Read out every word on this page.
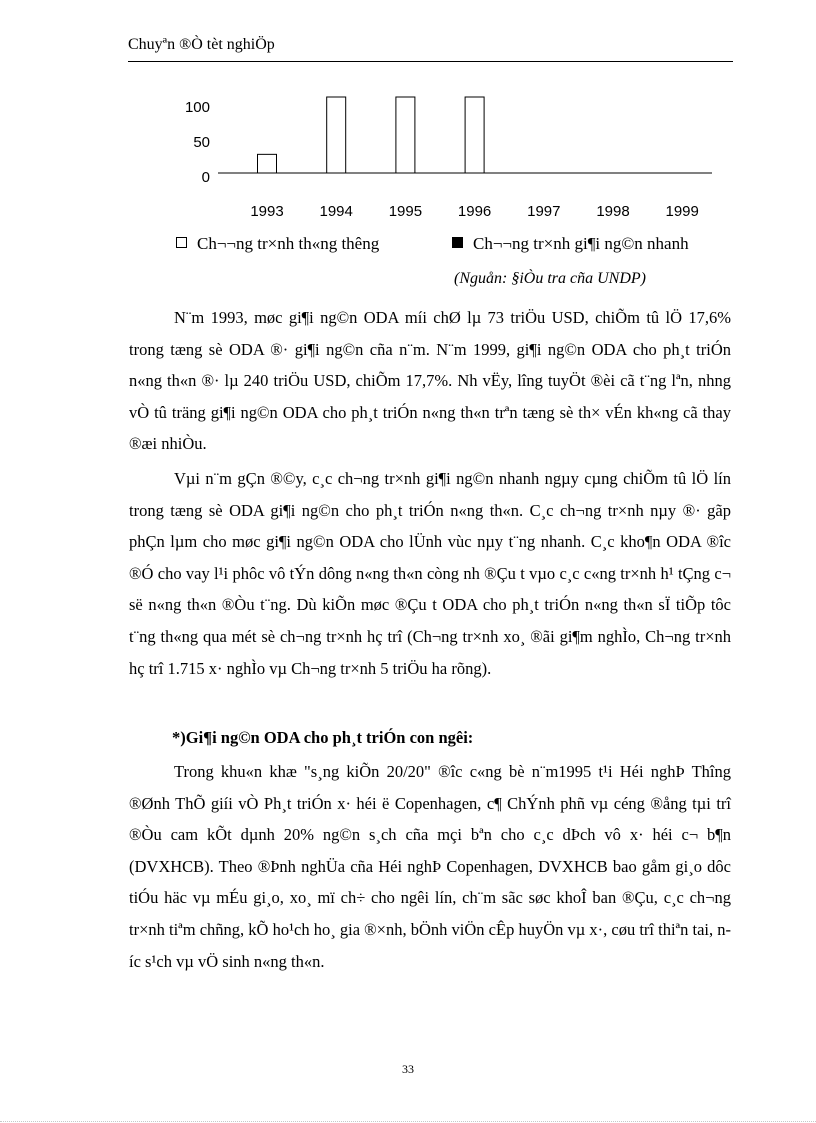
Chuyªn ®Ò tèt nghiÖp
100
50
0
1993 1994 1995 1996 1997 1998 1999
Ch¬¬ng tr×nh th«ng thêng	Ch¬¬ng tr×nh gi¶i ng©n nhanh
(Nguån: §iÒu tra cña UNDP)

N¨m 1993, møc gi¶i ng©n ODA míi chØ lµ 73 triÖu USD, chiÕm tû lÖ 17,6% trong tæng sè ODA ®· gi¶i ng©n cña n¨m. N¨m 1999, gi¶i ng©n ODA cho ph¸t triÓn n«ng th«n ®· lµ 240 triÖu USD, chiÕm 17,7%. Nh vËy, lîng tuyÖt ®èi cã t¨ng lªn, nhng vÒ tû träng gi¶i ng©n ODA cho ph¸t triÓn n«ng th«n trªn tæng sè th× vÉn kh«ng cã thay ®æi nhiÒu.

Vµi n¨m gÇn ®©y, c¸c ch¬ng tr×nh gi¶i ng©n nhanh ngµy cµng chiÕm tû lÖ lín trong tæng sè ODA gi¶i ng©n cho ph¸t triÓn n«ng th«n. C¸c ch¬ng tr×nh nµy ®· gãp phÇn lµm cho møc gi¶i ng©n ODA cho lÜnh vùc nµy t¨ng nhanh. C¸c kho¶n ODA ®îc ®Ó cho vay l¹i phôc vô tÝn dông n«ng th«n còng nh ®Çu t vµo c¸c c«ng tr×nh h¹ tÇng c¬ së n«ng th«n ®Òu t¨ng. Dù kiÕn møc ®Çu t ODA cho ph¸t triÓn n«ng th«n sÏ tiÕp tôc t¨ng th«ng qua mét sè ch¬ng tr×nh hç trî (Ch¬ng tr×nh xo¸ ®ãi gi¶m nghÌo, Ch¬ng tr×nh hç trî 1.715 x· nghÌo vµ Ch¬ng tr×nh 5 triÖu ha rõng).

*)Gi¶i ng©n ODA cho ph¸t triÓn con ngêi:

Trong khu«n khæ "s¸ng kiÕn 20/20" ®îc c«ng bè n¨m1995 t¹i Héi nghÞ Thîng ®Ønh ThÕ giíi vÒ Ph¸t triÓn x· héi ë Copenhagen, c¶ ChÝnh phñ vµ céng ®ång tµi trî ®Òu cam kÕt dµnh 20% ng©n s¸ch cña mçi bªn cho c¸c dÞch vô x· héi c¬ b¶n (DVXHCB). Theo ®Þnh nghÜa cña Héi nghÞ Copenhagen, DVXHCB bao gåm gi¸o dôc tiÓu häc vµ mÉu gi¸o, xo¸ mï ch÷ cho ngêi lín, ch¨m sãc søc khoÎ ban ®Çu, c¸c ch¬ng tr×nh tiªm chñng, kÕ ho¹ch ho¸ gia ®×nh, bÖnh viÖn cÊp huyÖn vµ x·, cøu trî thiªn tai, níc s¹ch vµ vÖ sinh n«ng th«n.

33
